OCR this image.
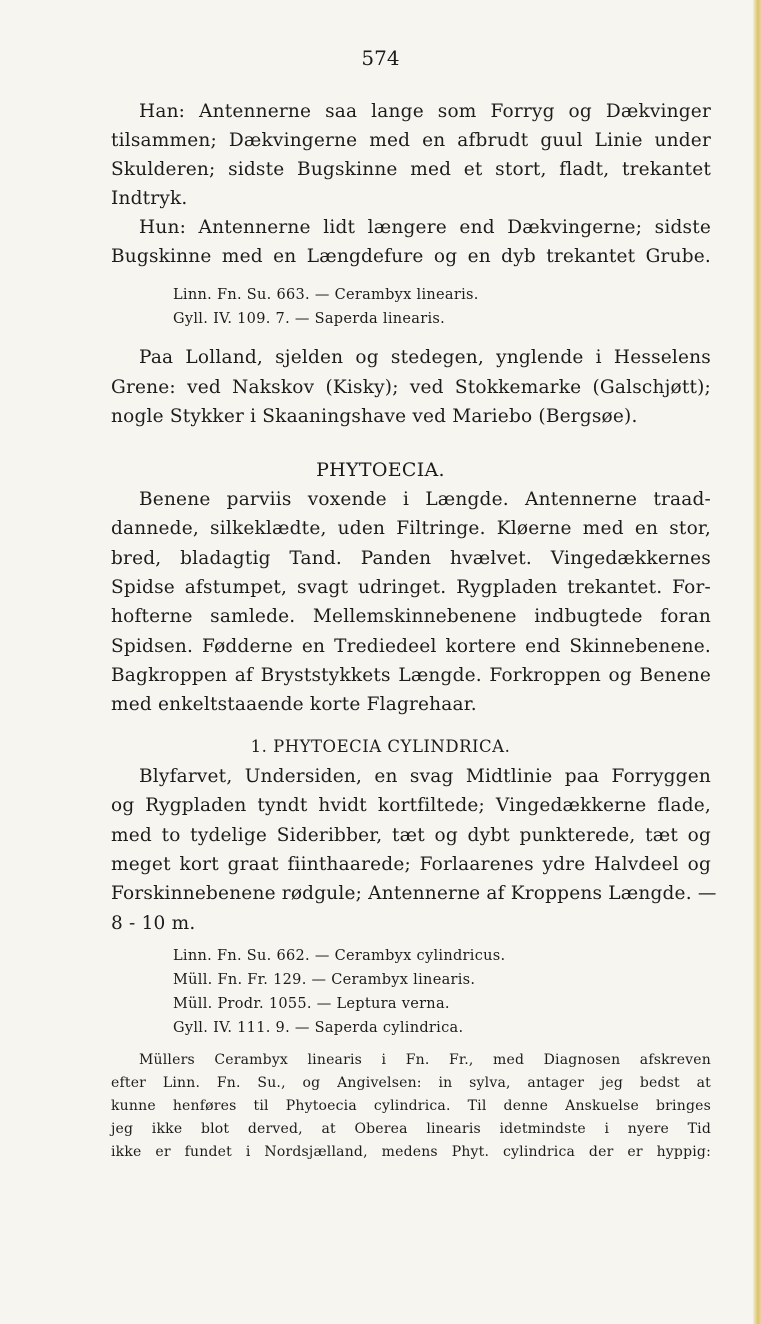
574
Han: Antennerne saa lange som Forryg og Dækvinger
tilsammen; Dækvingerne med en afbrudt guul Linie under
Skulderen; sidste Bugskinne med et stort, fladt, trekantet
Indtryk.
Hun: Antennerne lidt længere end Dækvingerne; sidste
Bugskinne med en Længdefure og en dyb trekantet Grube.
Linn. Fn. Su. 663. — Cerambyx linearis.
Gyll. IV. 109. 7. — Saperda linearis.
Paa Lolland, sjelden og stedegen, ynglende i Hesselens
Grene: ved Nakskov (Kisky); ved Stokkemarke (Galschjøtt);
nogle Stykker i Skaaningshave ved Mariebo (Bergsøe).
PHYTOECIA.
Benene parviis voxende i Længde. Antennerne traad-
dannede, silkeklædte, uden Filtringe. Kløerne med en stor,
bred, bladagtig Tand. Panden hvælvet. Vingedækkernes
Spidse afstumpet, svagt udringet. Rygpladen trekantet. For-
hofterne samlede. Mellemskinnebenene indbugtede foran
Spidsen. Fødderne en Trediedeel kortere end Skinnebenene.
Bagkroppen af Bryststykkets Længde. Forkroppen og Benene
med enkeltstaaende korte Flagrehaar.
1. PHYTOECIA CYLINDRICA.
Blyfarvet, Undersiden, en svag Midtlinie paa Forryggen
og Rygpladen tyndt hvidt kortfiltede; Vingedækkerne flade,
med to tydelige Sideribber, tæt og dybt punkterede, tæt og
meget kort graat fiinthaarede; Forlaarenes ydre Halvdeel og
Forskinnebenene rødgule; Antennerne af Kroppens Længde. —
8 - 10 m.
Linn. Fn. Su. 662. — Cerambyx cylindricus.
Müll. Fn. Fr. 129. — Cerambyx linearis.
Müll. Prodr. 1055. — Leptura verna.
Gyll. IV. 111. 9. — Saperda cylindrica.
Müllers Cerambyx linearis i Fn. Fr., med Diagnosen afskreven
efter Linn. Fn. Su., og Angivelsen: in sylva, antager jeg bedst at
kunne henføres til Phytoecia cylindrica. Til denne Anskuelse bringes
jeg ikke blot derved, at Oberea linearis idetmindste i nyere Tid
ikke er fundet i Nordsjælland, medens Phyt. cylindrica der er hyppig:
